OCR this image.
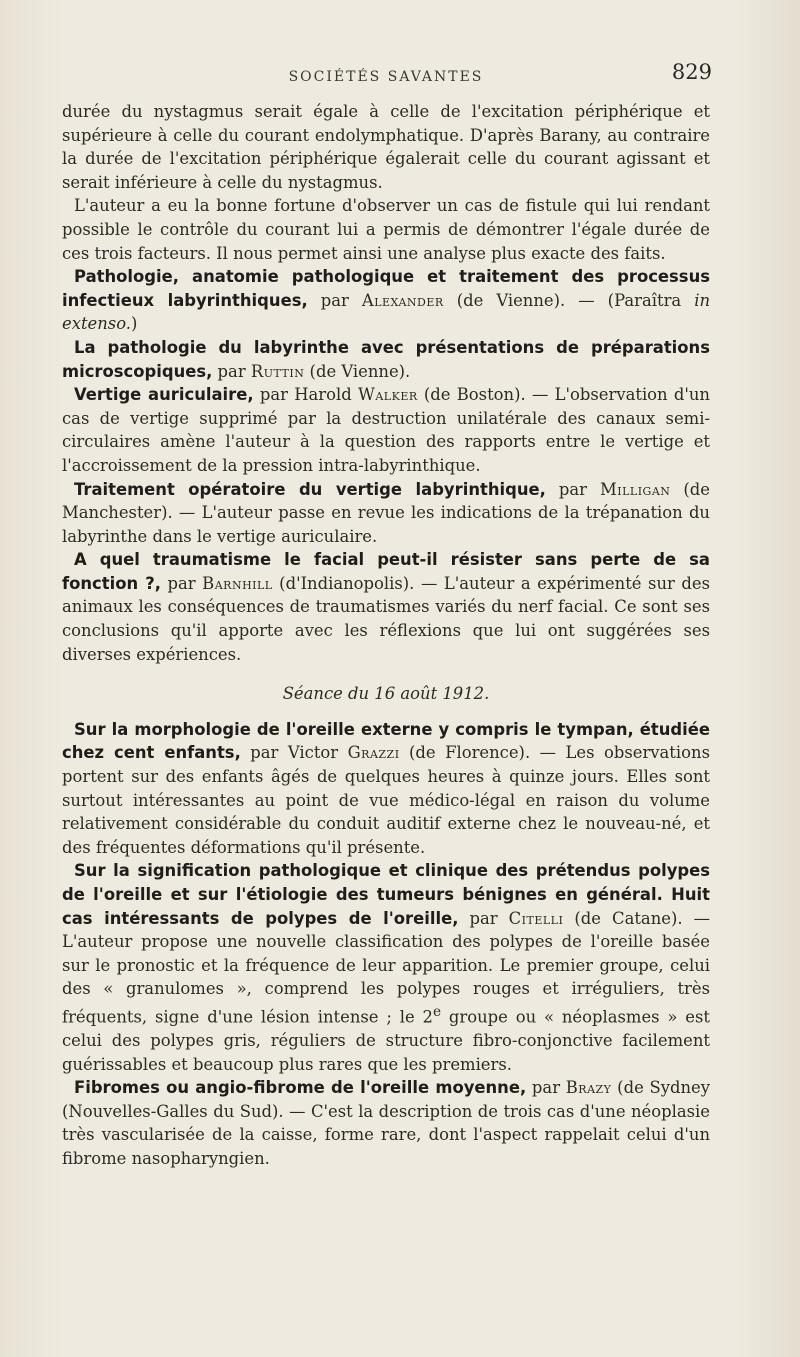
SOCIÉTÉS SAVANTES	829

durée du nystagmus serait égale à celle de l'excitation périphérique et supérieure à celle du courant endolymphatique. D'après Barany, au contraire la durée de l'excitation périphérique égalerait celle du courant agissant et serait inférieure à celle du nystagmus.

L'auteur a eu la bonne fortune d'observer un cas de fistule qui lui rendant possible le contrôle du courant lui a permis de démontrer l'égale durée de ces trois facteurs. Il nous permet ainsi une analyse plus exacte des faits.

Pathologie, anatomie pathologique et traitement des processus infectieux labyrinthiques, par Alexander (de Vienne). — (Paraîtra in extenso.)

La pathologie du labyrinthe avec présentations de préparations microscopiques, par Ruttin (de Vienne).

Vertige auriculaire, par Harold Walker (de Boston). — L'observation d'un cas de vertige supprimé par la destruction unilatérale des canaux semi-circulaires amène l'auteur à la question des rapports entre le vertige et l'accroissement de la pression intra-labyrinthique.

Traitement opératoire du vertige labyrinthique, par Milligan (de Manchester). — L'auteur passe en revue les indications de la trépanation du labyrinthe dans le vertige auriculaire.

A quel traumatisme le facial peut-il résister sans perte de sa fonction ?, par Barnhill (d'Indianopolis). — L'auteur a expérimenté sur des animaux les conséquences de traumatismes variés du nerf facial. Ce sont ses conclusions qu'il apporte avec les réflexions que lui ont suggérées ses diverses expériences.

Séance du 16 août 1912.

Sur la morphologie de l'oreille externe y compris le tympan, étudiée chez cent enfants, par Victor Grazzi (de Florence). — Les observations portent sur des enfants âgés de quelques heures à quinze jours. Elles sont surtout intéressantes au point de vue médico-légal en raison du volume relativement considérable du conduit auditif externe chez le nouveau-né, et des fréquentes déformations qu'il présente.

Sur la signification pathologique et clinique des prétendus polypes de l'oreille et sur l'étiologie des tumeurs bénignes en général. Huit cas intéressants de polypes de l'oreille, par Citelli (de Catane). — L'auteur propose une nouvelle classification des polypes de l'oreille basée sur le pronostic et la fréquence de leur apparition. Le premier groupe, celui des « granulomes », comprend les polypes rouges et irréguliers, très fréquents, signe d'une lésion intense ; le 2e groupe ou « néoplasmes » est celui des polypes gris, réguliers de structure fibro-conjonctive facilement guérissables et beaucoup plus rares que les premiers.

Fibromes ou angio-fibrome de l'oreille moyenne, par Brazy (de Sydney (Nouvelles-Galles du Sud). — C'est la description de trois cas d'une néoplasie très vascularisée de la caisse, forme rare, dont l'aspect rappelait celui d'un fibrome nasopharyngien.
